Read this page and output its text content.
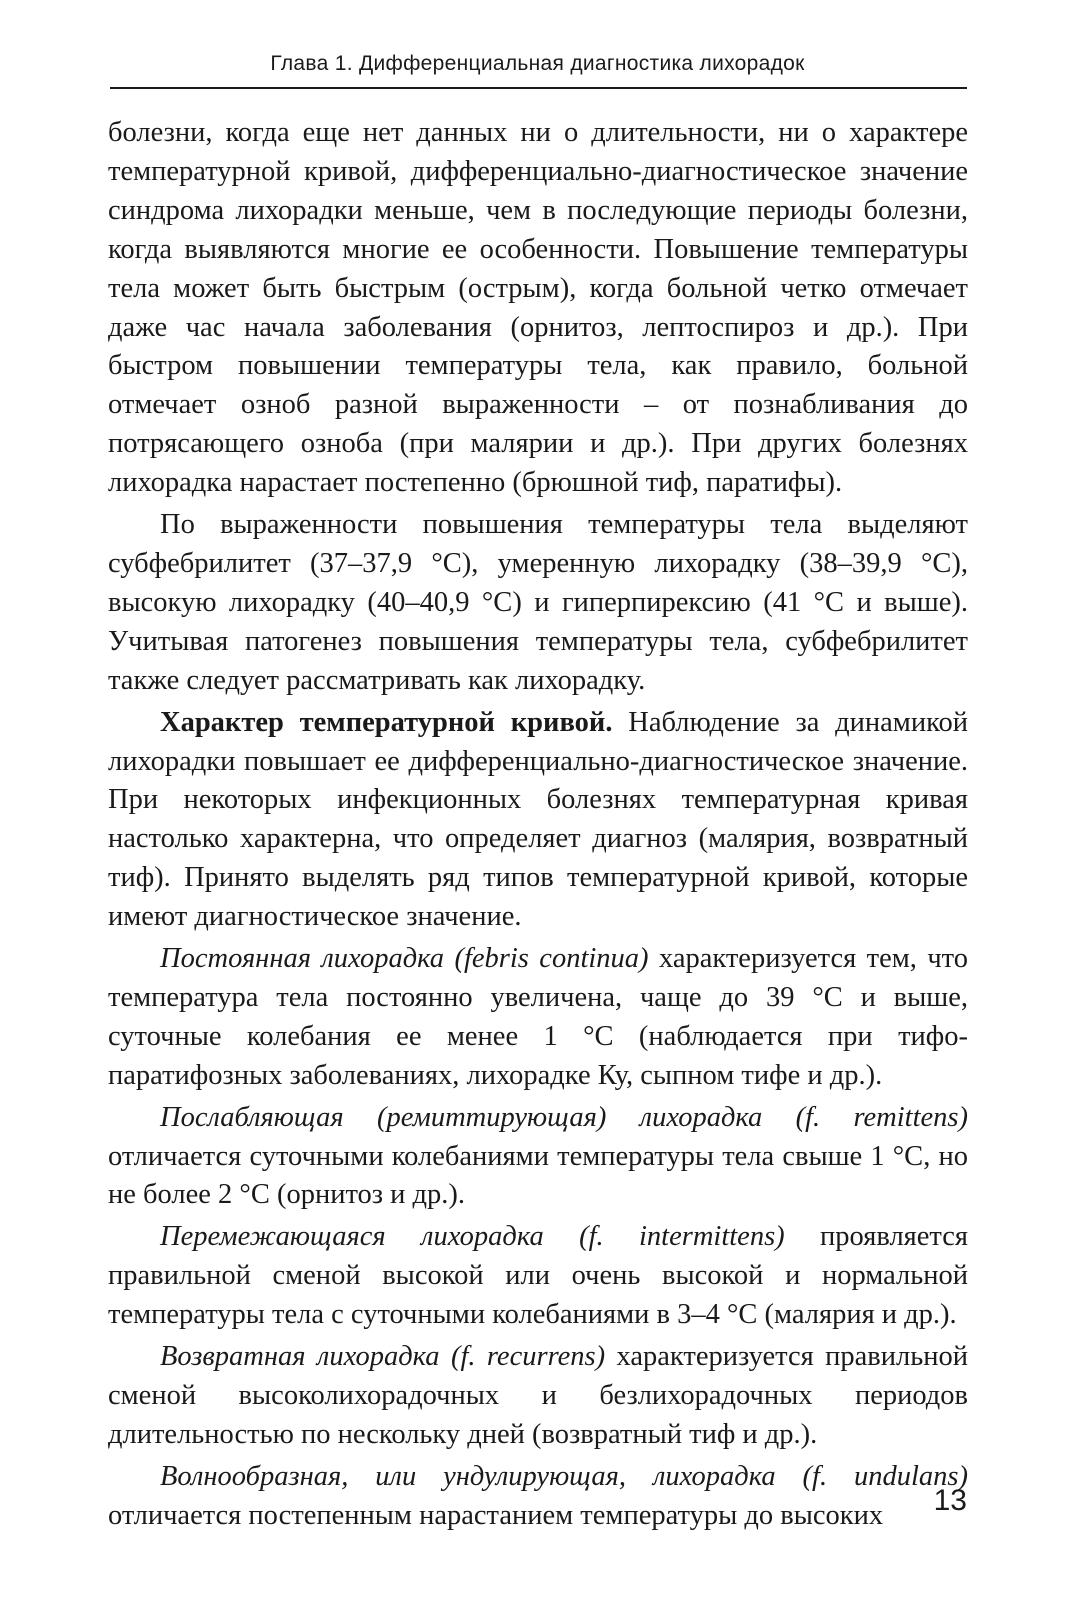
Глава 1. Дифференциальная диагностика лихорадок

болезни, когда еще нет данных ни о длительности, ни о характере температурной кривой, дифференциально-диагностическое значение синдрома лихорадки меньше, чем в последующие периоды болезни, когда выявляются многие ее особенности. Повышение температуры тела может быть быстрым (острым), когда больной четко отмечает даже час начала заболевания (орнитоз, лептоспироз и др.). При быстром повышении температуры тела, как правило, больной отмечает озноб разной выраженности – от познабливания до потрясающего озноба (при малярии и др.). При других болезнях лихорадка нарастает постепенно (брюшной тиф, паратифы).

По выраженности повышения температуры тела выделяют субфебрилитет (37–37,9 °С), умеренную лихорадку (38–39,9 °С), высокую лихорадку (40–40,9 °С) и гиперпирексию (41 °С и выше). Учитывая патогенез повышения температуры тела, субфебрилитет также следует рассматривать как лихорадку.

Характер температурной кривой. Наблюдение за динамикой лихорадки повышает ее дифференциально-диагностическое значение. При некоторых инфекционных болезнях температурная кривая настолько характерна, что определяет диагноз (малярия, возвратный тиф). Принято выделять ряд типов температурной кривой, которые имеют диагностическое значение.

Постоянная лихорадка (febris continua) характеризуется тем, что температура тела постоянно увеличена, чаще до 39 °С и выше, суточные колебания ее менее 1 °С (наблюдается при тифо-паратифозных заболеваниях, лихорадке Ку, сыпном тифе и др.).

Послабляющая (ремиттирующая) лихорадка (f. remittens) отличается суточными колебаниями температуры тела свыше 1 °С, но не более 2 °С (орнитоз и др.).

Перемежающаяся лихорадка (f. intermittens) проявляется правильной сменой высокой или очень высокой и нормальной температуры тела с суточными колебаниями в 3–4 °С (малярия и др.).

Возвратная лихорадка (f. recurrens) характеризуется правильной сменой высоколихорадочных и безлихорадочных периодов длительностью по нескольку дней (возвратный тиф и др.).

Волнообразная, или ундулирующая, лихорадка (f. undulans) отличается постепенным нарастанием температуры до высоких	13
